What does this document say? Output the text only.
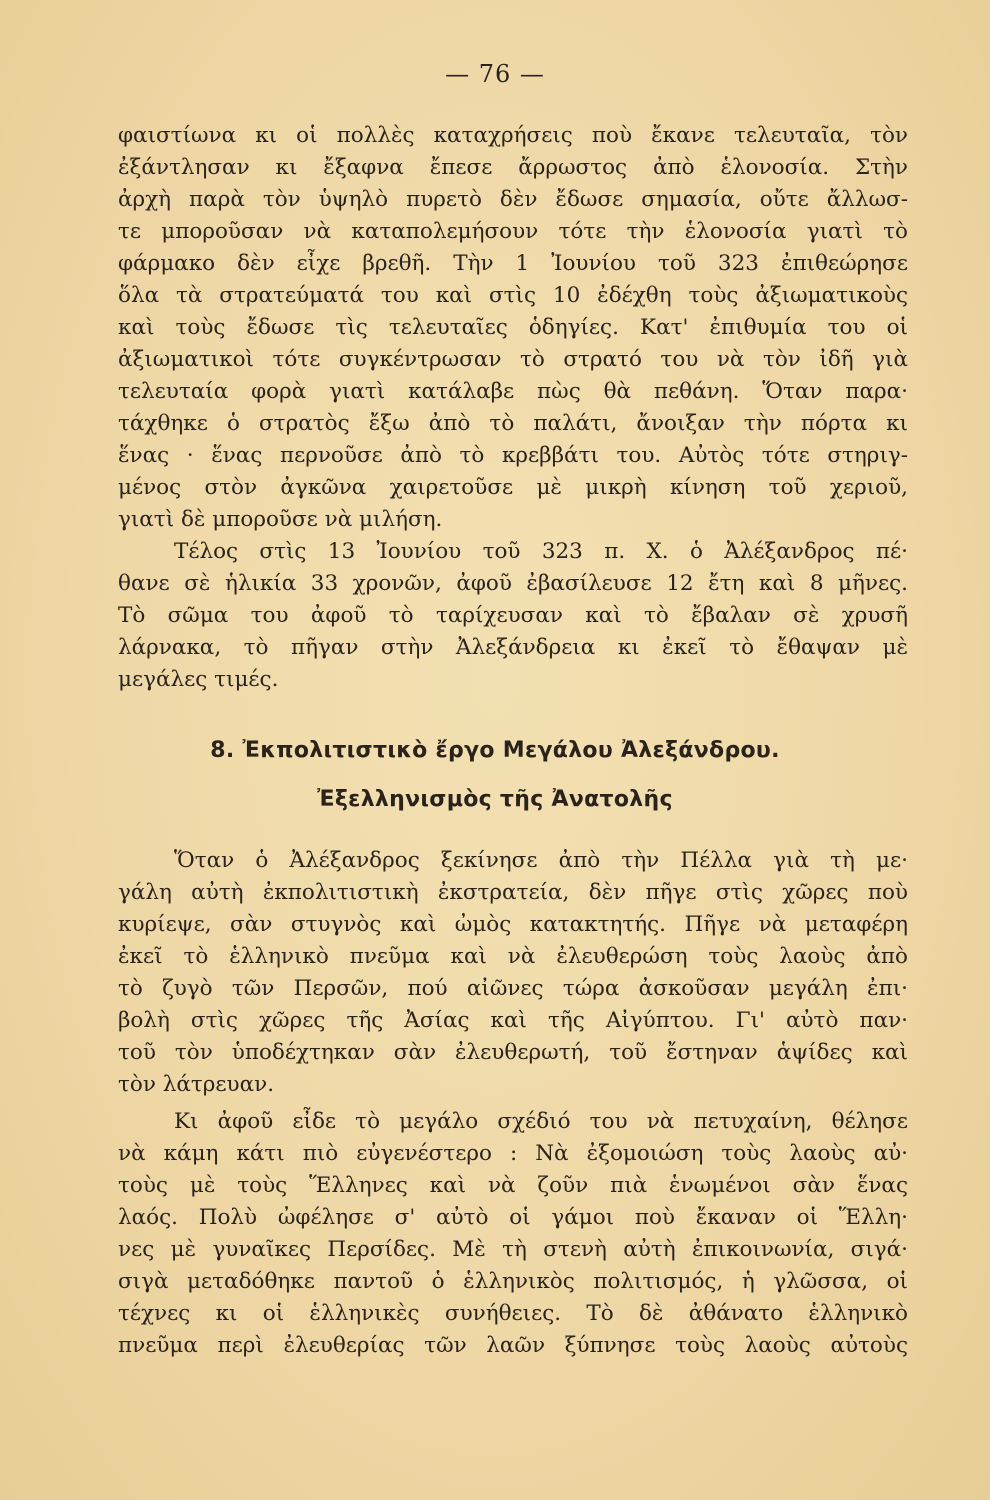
— 76 —
φαιστίωνα κι οἱ πολλὲς καταχρήσεις ποὺ ἔκανε τελευταῖα, τὸν
ἐξάντλησαν κι ἔξαφνα ἔπεσε ἄρρωστος ἀπὸ ἑλονοσία. Στὴν
ἀρχὴ παρὰ τὸν ὑψηλὸ πυρετὸ δὲν ἔδωσε σημασία, οὔτε ἄλλωσ-
τε μποροῦσαν νὰ καταπολεμήσουν τότε τὴν ἑλονοσία γιατὶ τὸ
φάρμακο δὲν εἶχε βρεθῆ. Τὴν 1 Ἰουνίου τοῦ 323 ἐπιθεώρησε
ὅλα τὰ στρατεύματά του καὶ στὶς 10 ἐδέχθη τοὺς ἀξιωματικοὺς
καὶ τοὺς ἔδωσε τὶς τελευταῖες ὁδηγίες. Κατ' ἐπιθυμία του οἱ
ἀξιωματικοὶ τότε συγκέντρωσαν τὸ στρατό του νὰ τὸν ἰδῆ γιὰ
τελευταία φορὰ γιατὶ κατάλαβε πὼς θὰ πεθάνη. Ὅταν παρα·
τάχθηκε ὁ στρατὸς ἔξω ἀπὸ τὸ παλάτι, ἄνοιξαν τὴν πόρτα κι
ἕνας · ἕνας περνοῦσε ἀπὸ τὸ κρεββάτι του. Αὐτὸς τότε στηριγ-
μένος στὸν ἀγκῶνα χαιρετοῦσε μὲ μικρὴ κίνηση τοῦ χεριοῦ,
γιατὶ δὲ μποροῦσε νὰ μιλήση.
Τέλος στὶς 13 Ἰουνίου τοῦ 323 π. Χ. ὁ Ἀλέξανδρος πέ·
θανε σὲ ἡλικία 33 χρονῶν, ἀφοῦ ἐβασίλευσε 12 ἔτη καὶ 8 μῆνες.
Τὸ σῶμα του ἀφοῦ τὸ ταρίχευσαν καὶ τὸ ἔβαλαν σὲ χρυσῆ
λάρνακα, τὸ πῆγαν στὴν Ἀλεξάνδρεια κι ἐκεῖ τὸ ἔθαψαν μὲ
μεγάλες τιμές.
8. Ἐκπολιτιστικὸ ἔργο Μεγάλου Ἀλεξάνδρου.
Ἐξελληνισμὸς τῆς Ἀνατολῆς
Ὅταν ὁ Ἀλέξανδρος ξεκίνησε ἀπὸ τὴν Πέλλα γιὰ τὴ με·
γάλη αὐτὴ ἐκπολιτιστικὴ ἐκστρατεία, δὲν πῆγε στὶς χῶρες ποὺ
κυρίεψε, σὰν στυγνὸς καὶ ὠμὸς κατακτητής. Πῆγε νὰ μεταφέρη
ἐκεῖ τὸ ἑλληνικὸ πνεῦμα καὶ νὰ ἐλευθερώση τοὺς λαοὺς ἀπὸ
τὸ ζυγὸ τῶν Περσῶν, πού αἰῶνες τώρα ἀσκοῦσαν μεγάλη ἐπι·
βολὴ στὶς χῶρες τῆς Ἀσίας καὶ τῆς Αἰγύπτου. Γι' αὐτὸ παν·
τοῦ τὸν ὑποδέχτηκαν σὰν ἐλευθερωτή, τοῦ ἔστηναν ἁψίδες καὶ
τὸν λάτρευαν.
Κι ἀφοῦ εἶδε τὸ μεγάλο σχέδιό του νὰ πετυχαίνη, θέλησε
νὰ κάμη κάτι πιὸ εὐγενέστερο : Νὰ ἐξομοιώση τοὺς λαοὺς αὐ·
τοὺς μὲ τοὺς Ἕλληνες καὶ νὰ ζοῦν πιὰ ἑνωμένοι σὰν ἕνας
λαός. Πολὺ ὠφέλησε σ' αὐτὸ οἱ γάμοι ποὺ ἔκαναν οἱ Ἕλλη·
νες μὲ γυναῖκες Περσίδες. Μὲ τὴ στενὴ αὐτὴ ἐπικοινωνία, σιγά·
σιγὰ μεταδόθηκε παντοῦ ὁ ἑλληνικὸς πολιτισμός, ἡ γλῶσσα, οἱ
τέχνες κι οἱ ἑλληνικὲς συνήθειες. Τὸ δὲ ἀθάνατο ἑλληνικὸ
πνεῦμα περὶ ἐλευθερίας τῶν λαῶν ξύπνησε τοὺς λαοὺς αὐτοὺς
